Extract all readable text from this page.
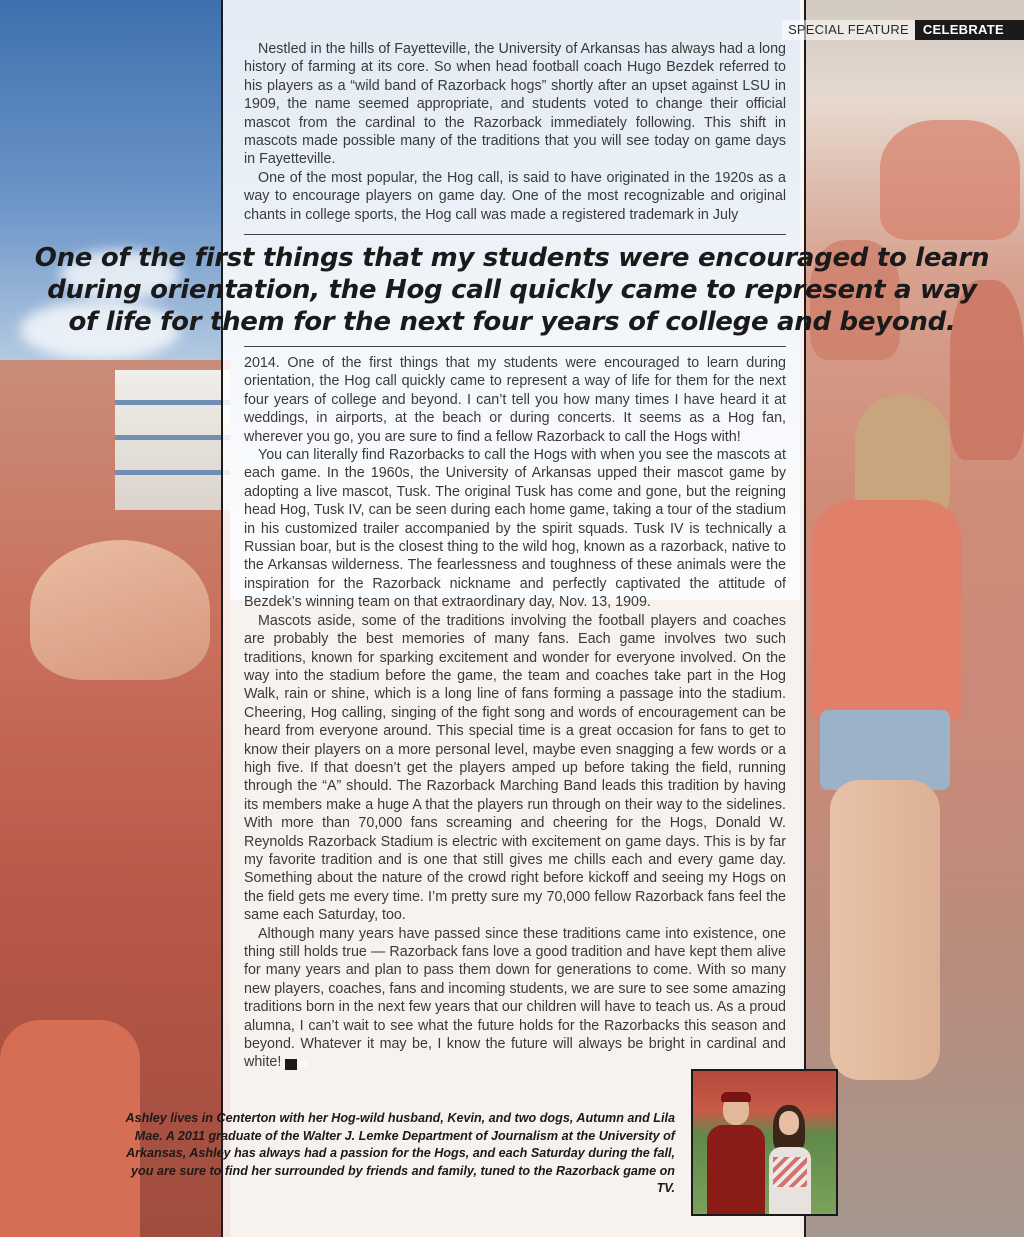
SPECIAL FEATURE	CELEBRATE

Nestled in the hills of Fayetteville, the University of Arkansas has always had a long history of farming at its core. So when head football coach Hugo Bezdek referred to his players as a “wild band of Razorback hogs” shortly after an upset against LSU in 1909, the name seemed appropriate, and students voted to change their official mascot from the cardinal to the Razorback immediately following. This shift in mascots made possible many of the traditions that you will see today on game days in Fayetteville.

One of the most popular, the Hog call, is said to have originated in the 1920s as a way to encourage players on game day. One of the most recognizable and original chants in college sports, the Hog call was made a registered trademark in July

One of the first things that my students were encouraged to learn during orientation, the Hog call quickly came to represent a way of life for them for the next four years of college and beyond.

2014. One of the first things that my students were encouraged to learn during orientation, the Hog call quickly came to represent a way of life for them for the next four years of college and beyond. I can’t tell you how many times I have heard it at weddings, in airports, at the beach or during concerts. It seems as a Hog fan, wherever you go, you are sure to find a fellow Razorback to call the Hogs with!

You can literally find Razorbacks to call the Hogs with when you see the mascots at each game. In the 1960s, the University of Arkansas upped their mascot game by adopting a live mascot, Tusk. The original Tusk has come and gone, but the reigning head Hog, Tusk IV, can be seen during each home game, taking a tour of the stadium in his customized trailer accompanied by the spirit squads. Tusk IV is technically a Russian boar, but is the closest thing to the wild hog, known as a razorback, native to the Arkansas wilderness. The fearlessness and toughness of these animals were the inspiration for the Razorback nickname and perfectly captivated the attitude of Bezdek’s winning team on that extraordinary day, Nov. 13, 1909.

Mascots aside, some of the traditions involving the football players and coaches are probably the best memories of many fans. Each game involves two such traditions, known for sparking excitement and wonder for everyone involved. On the way into the stadium before the game, the team and coaches take part in the Hog Walk, rain or shine, which is a long line of fans forming a passage into the stadium. Cheering, Hog calling, singing of the fight song and words of encouragement can be heard from everyone around. This special time is a great occasion for fans to get to know their players on a more personal level, maybe even snagging a few words or a high five. If that doesn’t get the players amped up before taking the field, running through the “A” should. The Razorback Marching Band leads this tradition by having its members make a huge A that the players run through on their way to the sidelines. With more than 70,000 fans screaming and cheering for the Hogs, Donald W. Reynolds Razorback Stadium is electric with excitement on game days. This is by far my favorite tradition and is one that still gives me chills each and every game day. Something about the nature of the crowd right before kickoff and seeing my Hogs on the field gets me every time. I’m pretty sure my 70,000 fellow Razorback fans feel the same each Saturday, too.

Although many years have passed since these traditions came into existence, one thing still holds true — Razorback fans love a good tradition and have kept them alive for many years and plan to pass them down for generations to come. With so many new players, coaches, fans and incoming students, we are sure to see some amazing traditions born in the next few years that our children will have to teach us. As a proud alumna, I can’t wait to see what the future holds for the Razorbacks this season and beyond. Whatever it may be, I know the future will always be bright in cardinal and white! CI

Ashley lives in Centerton with her Hog-wild husband, Kevin, and two dogs, Autumn and Lila Mae. A 2011 graduate of the Walter J. Lemke Department of Journalism at the University of Arkansas, Ashley has always had a passion for the Hogs, and each Saturday during the fall, you are sure to find her surrounded by friends and family, tuned to the Razorback game on TV.
